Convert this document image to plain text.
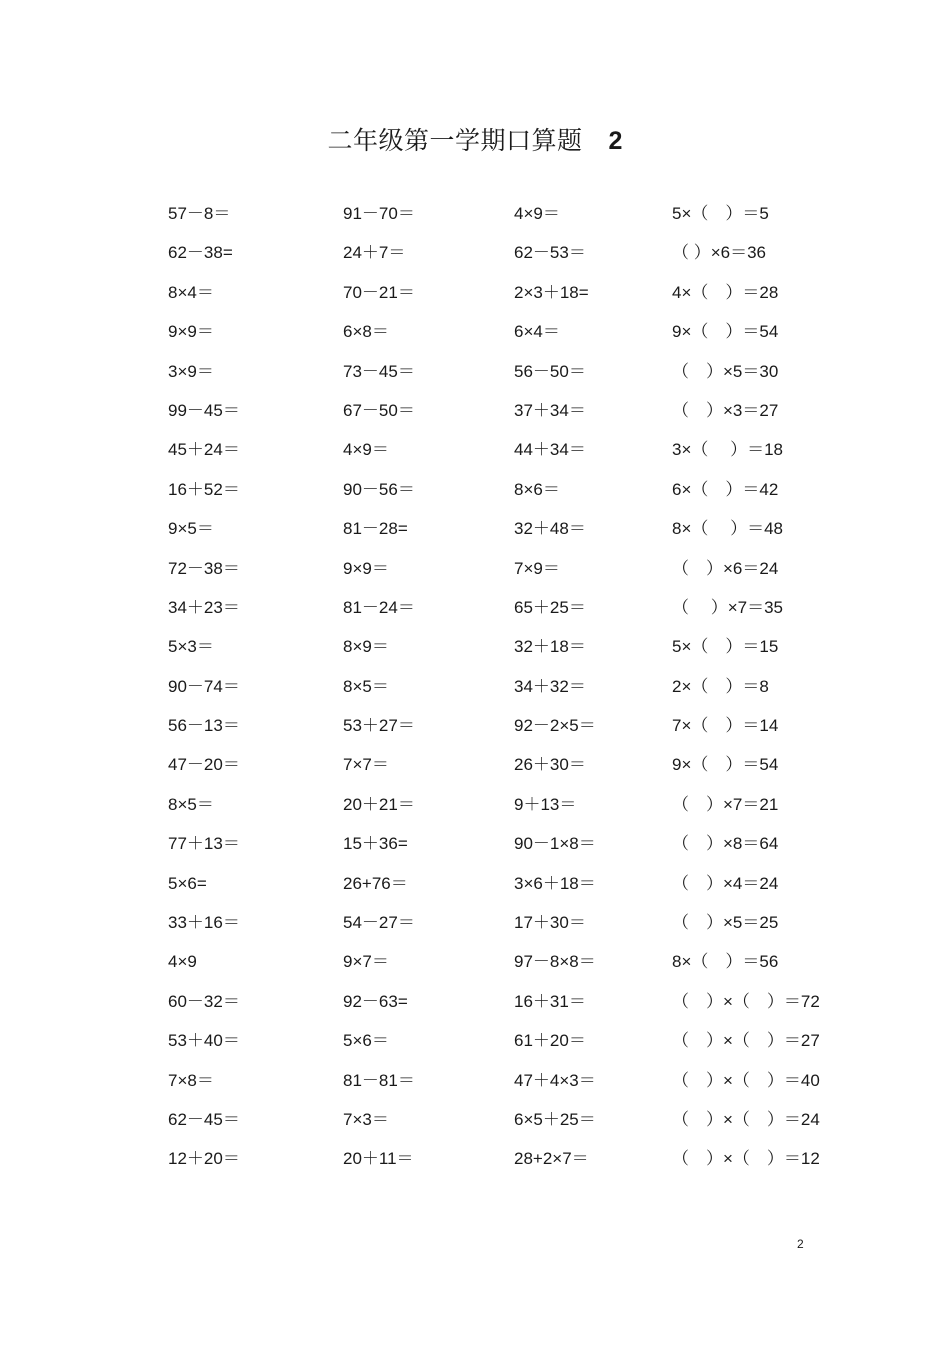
二年级第一学期口算题 2
57－8＝	91－70＝	4×9＝	5×（　）＝5
62－38=	24＋7＝	62－53＝	（ ）×6＝36
8×4＝	70－21＝	2×3＋18=	4×（　）＝28
9×9＝	6×8＝	6×4＝	9×（　）＝54
3×9＝	73－45＝	56－50＝	（　）×5＝30
99－45＝	67－50＝	37＋34＝	（　）×3＝27
45＋24＝	4×9＝	44＋34＝	3×（　 ）＝18
16＋52＝	90－56＝	8×6＝	6×（　）＝42
9×5＝	81－28=	32＋48＝	8×（　 ）＝48
72－38＝	9×9＝	7×9＝	（　）×6＝24
34＋23＝	81－24＝	65＋25＝	（　 ）×7＝35
5×3＝	8×9＝	32＋18＝	5×（　）＝15
90－74＝	8×5＝	34＋32＝	2×（　）＝8
56－13＝	53＋27＝	92－2×5＝	7×（　）＝14
47－20＝	7×7＝	26＋30＝	9×（　）＝54
8×5＝	20＋21＝	9＋13＝	（　）×7＝21
77＋13＝	15＋36=	90－1×8＝	（　）×8＝64
5×6=	26+76＝	3×6＋18＝	（　）×4＝24
33＋16＝	54－27＝	17＋30＝	（　）×5＝25
4×9	9×7＝	97－8×8＝	8×（　）＝56
60－32＝	92－63=	16＋31＝	（　）×（　）＝72
53＋40＝	5×6＝	61＋20＝	（　）×（　）＝27
7×8＝	81－81＝	47＋4×3＝	（　）×（　）＝40
62－45＝	7×3＝	6×5＋25＝	（　）×（　）＝24
12＋20＝	20＋11＝	28+2×7＝	（　）×（　）＝12
2
